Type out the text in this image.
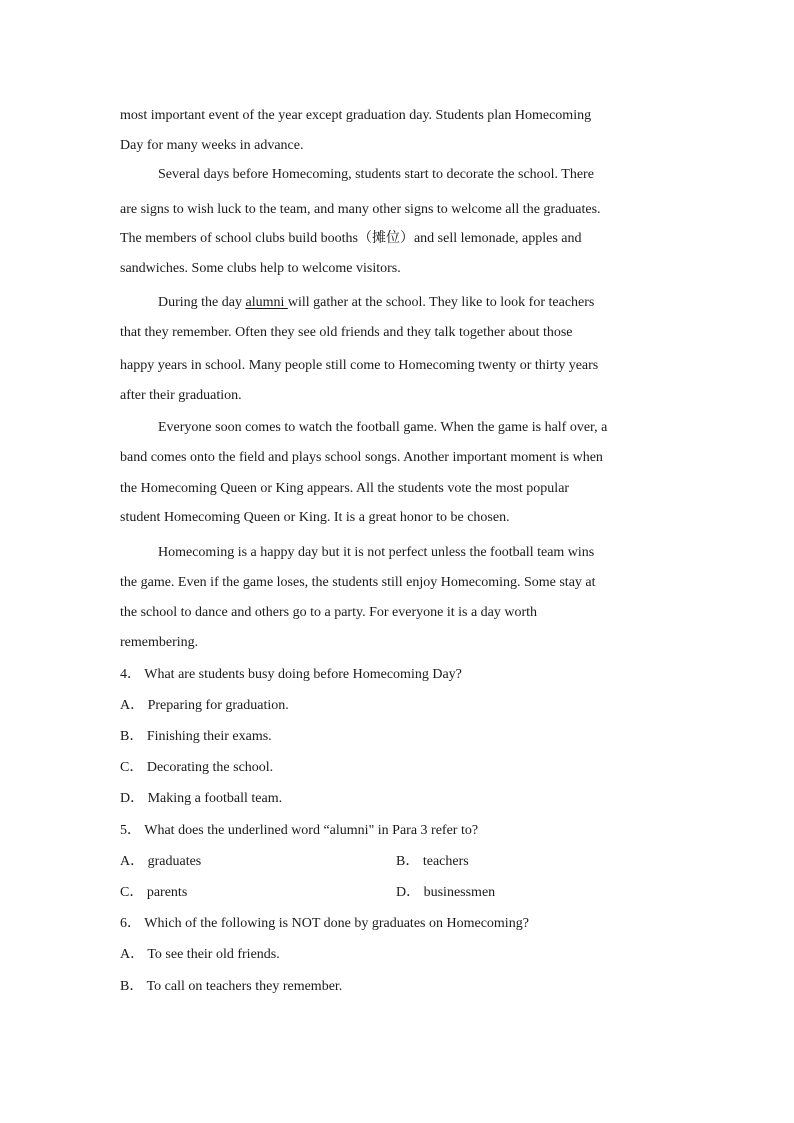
most important event of the year except graduation day. Students plan Homecoming
Day for many weeks in advance.
Several days before Homecoming, students start to decorate the school. There
are signs to wish luck to the team, and many other signs to welcome all the graduates.
The members of school clubs build booths（摊位）and sell lemonade, apples and
sandwiches. Some clubs help to welcome visitors.
During the day alumni will gather at the school. They like to look for teachers
that they remember. Often they see old friends and they talk together about those
happy years in school. Many people still come to Homecoming twenty or thirty years
after their graduation.
Everyone soon comes to watch the football game. When the game is half over, a
band comes onto the field and plays school songs. Another important moment is when
the Homecoming Queen or King appears. All the students vote the most popular
student Homecoming Queen or King. It is a great honor to be chosen.
Homecoming is a happy day but it is not perfect unless the football team wins
the game. Even if the game loses, the students still enjoy Homecoming. Some stay at
the school to dance and others go to a party. For everyone it is a day worth
remembering.
4． What are students busy doing before Homecoming Day?
A． Preparing for graduation.
B． Finishing their exams.
C． Decorating the school.
D． Making a football team.
5． What does the underlined word “alumni" in Para 3 refer to?
A． graduates	B． teachers
C． parents	D． businessmen
6． Which of the following is NOT done by graduates on Homecoming?
A． To see their old friends.
B． To call on teachers they remember.
